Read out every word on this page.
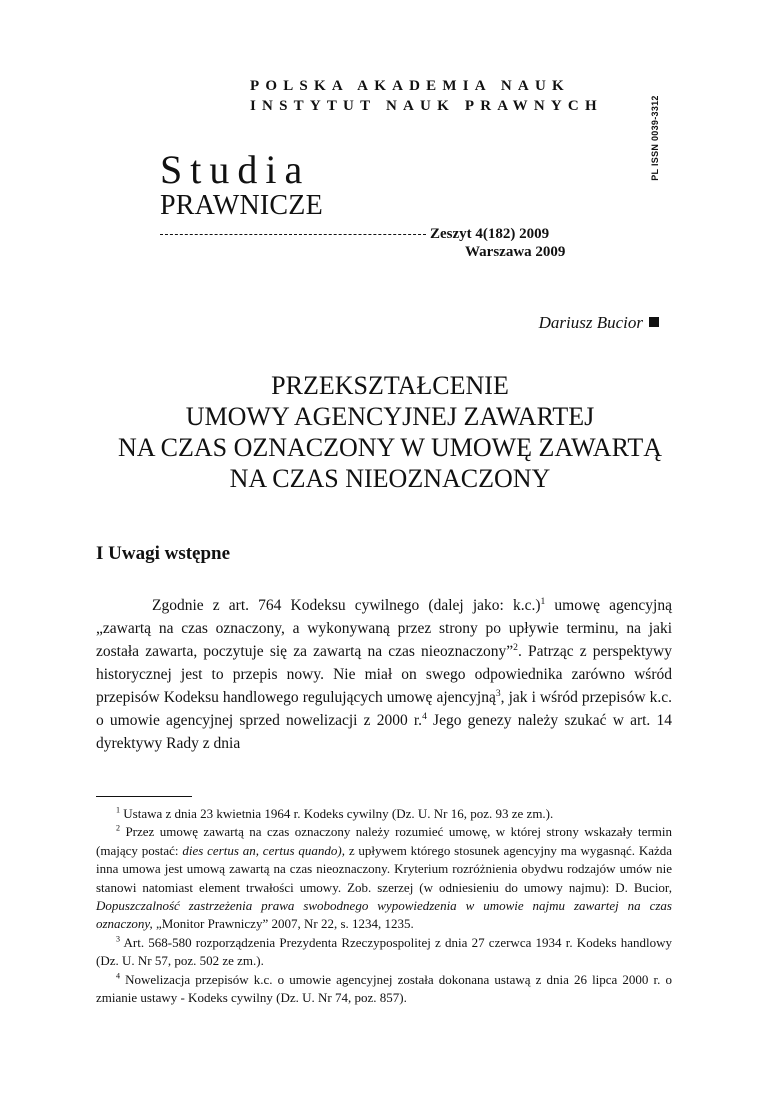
POLSKA AKADEMIA NAUK
INSTYTUT NAUK PRAWNYCH	PL ISSN 0039-3312
Studia
PRAWNICZE
Zeszyt 4(182) 2009
Warszawa 2009
Dariusz Bucior
PRZEKSZTAŁCENIE
UMOWY AGENCYJNEJ ZAWARTEJ
NA CZAS OZNACZONY W UMOWĘ ZAWARTĄ
NA CZAS NIEOZNACZONY
I Uwagi wstępne

Zgodnie z art. 764 Kodeksu cywilnego (dalej jako: k.c.)$^1$ umowę agencyjną „zawartą na czas oznaczony, a wykonywaną przez strony po upływie terminu, na jaki została zawarta, poczytuje się za zawartą na czas nieoznaczony”$^2$. Patrząc z perspektywy historycznej jest to przepis nowy. Nie miał on swego odpowiednika zarówno wśród przepisów Kodeksu handlowego regulujących umowę ajencyjną$^3$, jak i wśród przepisów k.c. o umowie agencyjnej sprzed nowelizacji z 2000 r.$^4$ Jego genezy należy szukać w art. 14 dyrektywy Rady z dnia

$^1$ Ustawa z dnia 23 kwietnia 1964 r. Kodeks cywilny (Dz. U. Nr 16, poz. 93 ze zm.).

$^2$ Przez umowę zawartą na czas oznaczony należy rozumieć umowę, w której strony wskazały termin (mający postać: dies certus an, certus quando), z upływem którego stosunek agencyjny ma wygasnąć. Każda inna umowa jest umową zawartą na czas nieoznaczony. Kryterium rozróżnienia obydwu rodzajów umów nie stanowi natomiast element trwałości umowy. Zob. szerzej (w odniesieniu do umowy najmu): D. Bucior, Dopuszczalność zastrzeżenia prawa swobodnego wypowiedzenia w umowie najmu zawartej na czas oznaczony, „Monitor Prawniczy” 2007, Nr 22, s. 1234, 1235.

$^3$ Art. 568-580 rozporządzenia Prezydenta Rzeczypospolitej z dnia 27 czerwca 1934 r. Kodeks handlowy (Dz. U. Nr 57, poz. 502 ze zm.).

$^4$ Nowelizacja przepisów k.c. o umowie agencyjnej została dokonana ustawą z dnia 26 lipca 2000 r. o zmianie ustawy - Kodeks cywilny (Dz. U. Nr 74, poz. 857).
